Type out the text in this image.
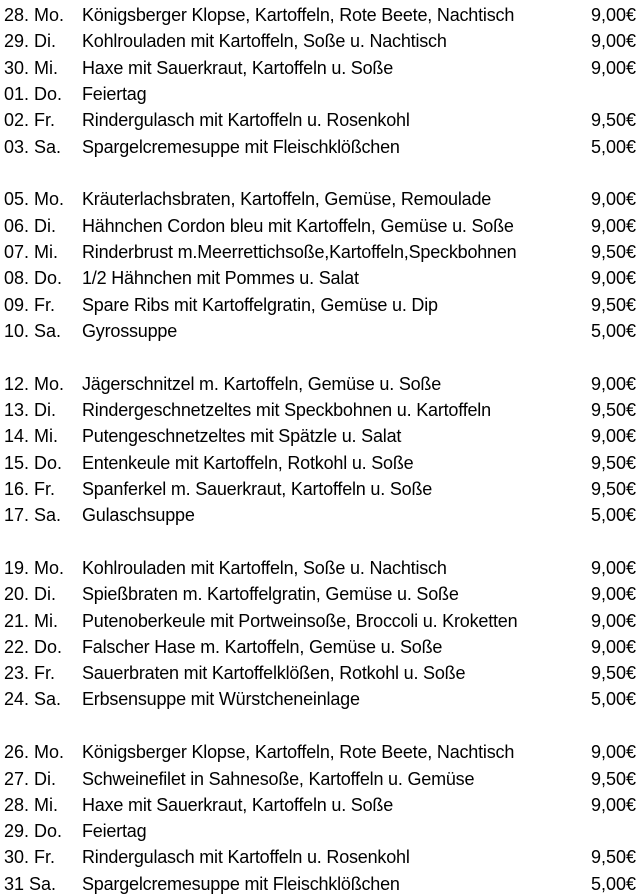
28. Mo. Königsberger Klopse, Kartoffeln, Rote Beete, Nachtisch	9,00€
29. Di. Kohlrouladen mit Kartoffeln, Soße u. Nachtisch	9,00€
30. Mi. Haxe mit Sauerkraut, Kartoffeln u. Soße	9,00€
01. Do. Feiertag
02. Fr. Rindergulasch mit Kartoffeln u. Rosenkohl	9,50€
03. Sa. Spargelcremesuppe mit Fleischklößchen	5,00€
05. Mo. Kräuterlachsbraten, Kartoffeln, Gemüse, Remoulade	9,00€
06. Di. Hähnchen Cordon bleu mit Kartoffeln, Gemüse u. Soße	9,00€
07. Mi. Rinderbrust m.Meerrettichsoße,Kartoffeln,Speckbohnen	9,50€
08. Do. 1/2 Hähnchen mit Pommes u. Salat	9,00€
09. Fr. Spare Ribs mit Kartoffelgratin, Gemüse u. Dip	9,50€
10. Sa. Gyrossuppe	5,00€
12. Mo. Jägerschnitzel m. Kartoffeln, Gemüse u. Soße	9,00€
13. Di. Rindergeschnetzeltes mit Speckbohnen u. Kartoffeln	9,50€
14. Mi. Putengeschnetzeltes mit Spätzle u. Salat	9,00€
15. Do. Entenkeule mit Kartoffeln, Rotkohl u. Soße	9,50€
16. Fr. Spanferkel m. Sauerkraut, Kartoffeln u. Soße	9,50€
17. Sa. Gulaschsuppe	5,00€
19. Mo. Kohlrouladen mit Kartoffeln, Soße u. Nachtisch	9,00€
20. Di. Spießbraten m. Kartoffelgratin, Gemüse u. Soße	9,00€
21. Mi. Putenoberkeule mit Portweinsoße, Broccoli u. Kroketten	9,00€
22. Do. Falscher Hase m. Kartoffeln, Gemüse u. Soße	9,00€
23. Fr. Sauerbraten mit Kartoffelklößen, Rotkohl u. Soße	9,50€
24. Sa. Erbsensuppe mit Würstcheneinlage	5,00€
26. Mo. Königsberger Klopse, Kartoffeln, Rote Beete, Nachtisch	9,00€
27. Di. Schweinefilet in Sahnesoße, Kartoffeln u. Gemüse	9,50€
28. Mi. Haxe mit Sauerkraut, Kartoffeln u. Soße	9,00€
29. Do. Feiertag
30. Fr. Rindergulasch mit Kartoffeln u. Rosenkohl	9,50€
31 Sa. Spargelcremesuppe mit Fleischklößchen	5,00€
